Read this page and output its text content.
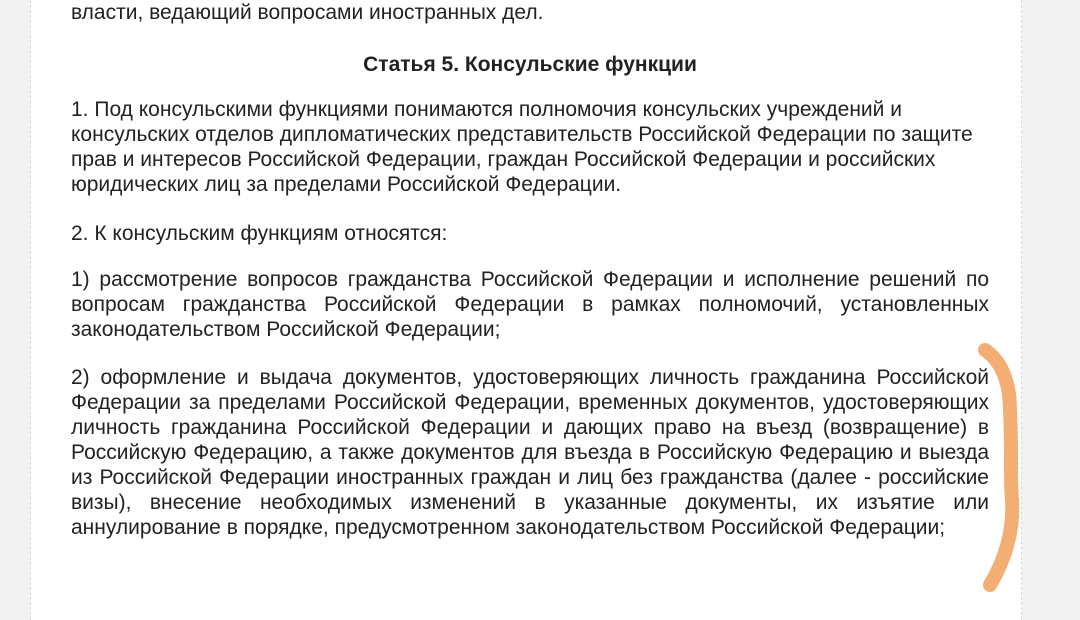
власти, ведающий вопросами иностранных дел.

Статья 5. Консульские функции

1. Под консульскими функциями понимаются полномочия консульских учреждений и консульских отделов дипломатических представительств Российской Федерации по защите прав и интересов Российской Федерации, граждан Российской Федерации и российских юридических лиц за пределами Российской Федерации.

2. К консульским функциям относятся:

1) рассмотрение вопросов гражданства Российской Федерации и исполнение решений по вопросам гражданства Российской Федерации в рамках полномочий, установленных законодательством Российской Федерации;

2) оформление и выдача документов, удостоверяющих личность гражданина Российской Федерации за пределами Российской Федерации, временных документов, удостоверяющих личность гражданина Российской Федерации и дающих право на въезд (возвращение) в Российскую Федерацию, а также документов для въезда в Российскую Федерацию и выезда из Российской Федерации иностранных граждан и лиц без гражданства (далее - российские визы), внесение необходимых изменений в указанные документы, их изъятие или аннулирование в порядке, предусмотренном законодательством Российской Федерации;
